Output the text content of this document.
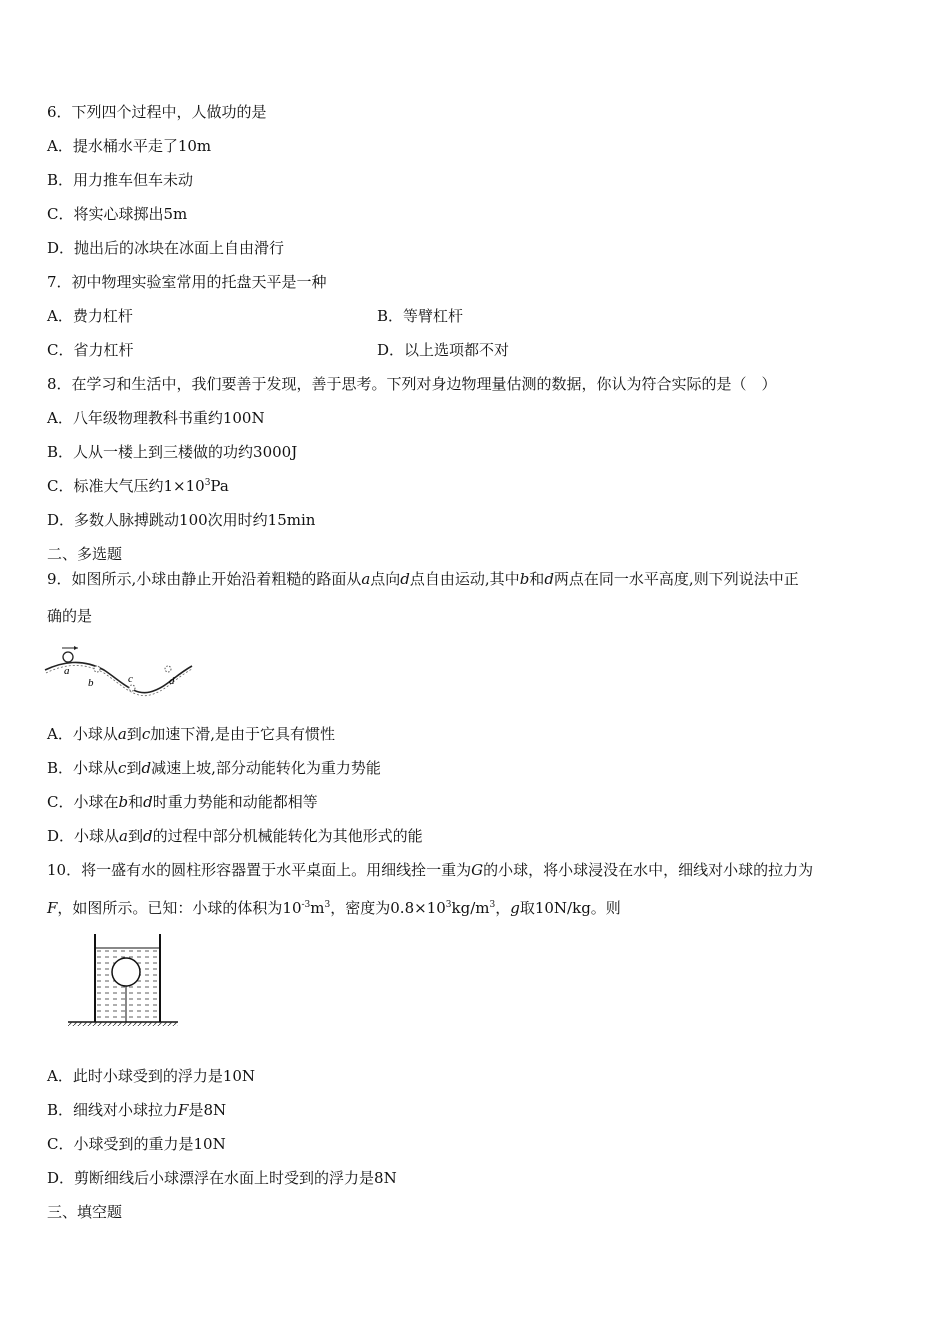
6．下列四个过程中，人做功的是
A．提水桶水平走了10m
B．用力推车但车未动
C．将实心球掷出5m
D．抛出后的冰块在冰面上自由滑行
7．初中物理实验室常用的托盘天平是一种
A．费力杠杆	B．等臂杠杆
C．省力杠杆	D．以上选项都不对
8．在学习和生活中，我们要善于发现，善于思考。下列对身边物理量估测的数据，你认为符合实际的是（　）
A．八年级物理教科书重约100N
B．人从一楼上到三楼做的功约3000J
C．标准大气压约$1\times 10^3Pa$
D．多数人脉搏跳动100次用时约15min
二、多选题
9．如图所示,小球由静止开始沿着粗糙的路面从a点向d点自由运动,其中b和d两点在同一水平高度,则下列说法中正
确的是
a
b	c	d
A．小球从a到c加速下滑,是由于它具有惯性
B．小球从c到d减速上坡,部分动能转化为重力势能
C．小球在b和d时重力势能和动能都相等
D．小球从a到d的过程中部分机械能转化为其他形式的能
10．将一盛有水的圆柱形容器置于水平桌面上。用细线拴一重为G的小球，将小球浸没在水中，细线对小球的拉力为
F，如图所示。已知：小球的体积为$10^{-3}m^3$，密度为$0.8\times 10^3kg/m^3$，g取10N/kg。则
A．此时小球受到的浮力是10N
B．细线对小球拉力F是8N
C．小球受到的重力是10N
D．剪断细线后小球漂浮在水面上时受到的浮力是8N
三、填空题
